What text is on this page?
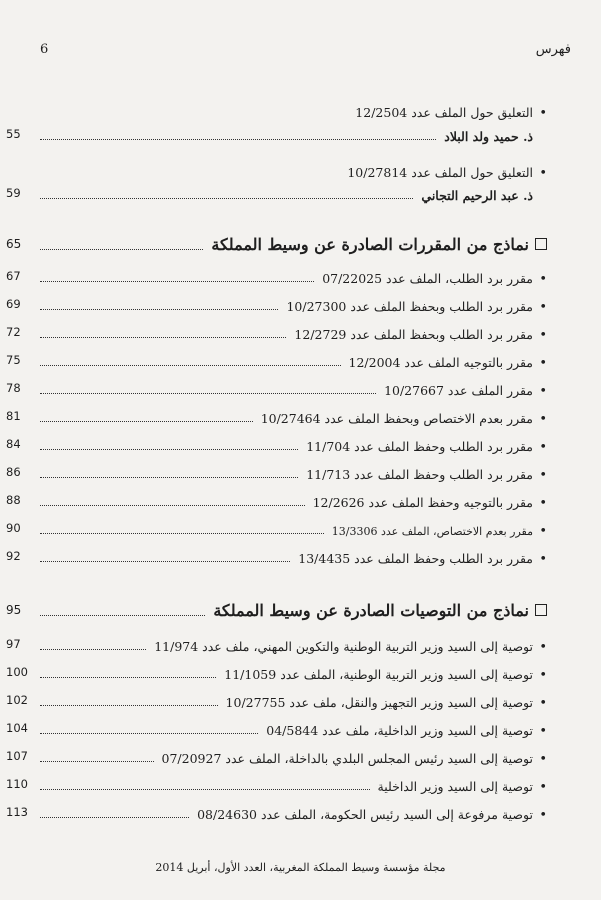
فهرس
6
•
التعليق حول الملف عدد 12/2504
ذ. حميد ولد البلاد
55
•
التعليق حول الملف عدد 10/27814
ذ. عبد الرحيم التجاني
59
نماذج من المقررات الصادرة عن وسيط المملكة
65
•
مقرر برد الطلب، الملف عدد 07/22025
67
•
مقرر برد الطلب وبحفظ الملف عدد 10/27300
69
•
مقرر برد الطلب وبحفظ الملف عدد 12/2729
72
•
مقرر بالتوجيه الملف عدد 12/2004
75
•
مقرر الملف عدد 10/27667
78
•
مقرر بعدم الاختصاص وبحفظ الملف عدد 10/27464
81
•
مقرر برد الطلب وحفظ الملف عدد 11/704
84
•
مقرر برد الطلب وحفظ الملف عدد 11/713
86
•
مقرر بالتوجيه وحفظ الملف عدد 12/2626
88
•
مقرر بعدم الاختصاص، الملف عدد 13/3306
90
•
مقرر برد الطلب وحفظ الملف عدد 13/4435
92
نماذج من التوصيات الصادرة عن وسيط المملكة
95
•
توصية إلى السيد وزير التربية الوطنية والتكوين المهني، ملف عدد 11/974
97
•
توصية إلى السيد وزير التربية الوطنية، الملف عدد 11/1059
100
•
توصية إلى السيد وزير التجهيز والنقل، ملف عدد 10/27755
102
•
توصية إلى السيد وزير الداخلية، ملف عدد 04/5844
104
•
توصية إلى السيد رئيس المجلس البلدي بالداخلة، الملف عدد 07/20927
107
•
توصية إلى السيد وزير الداخلية
110
•
توصية مرفوعة إلى السيد رئيس الحكومة، الملف عدد 08/24630
113
مجلة مؤسسة وسيط المملكة المغربية، العدد الأول، أبريل 2014
